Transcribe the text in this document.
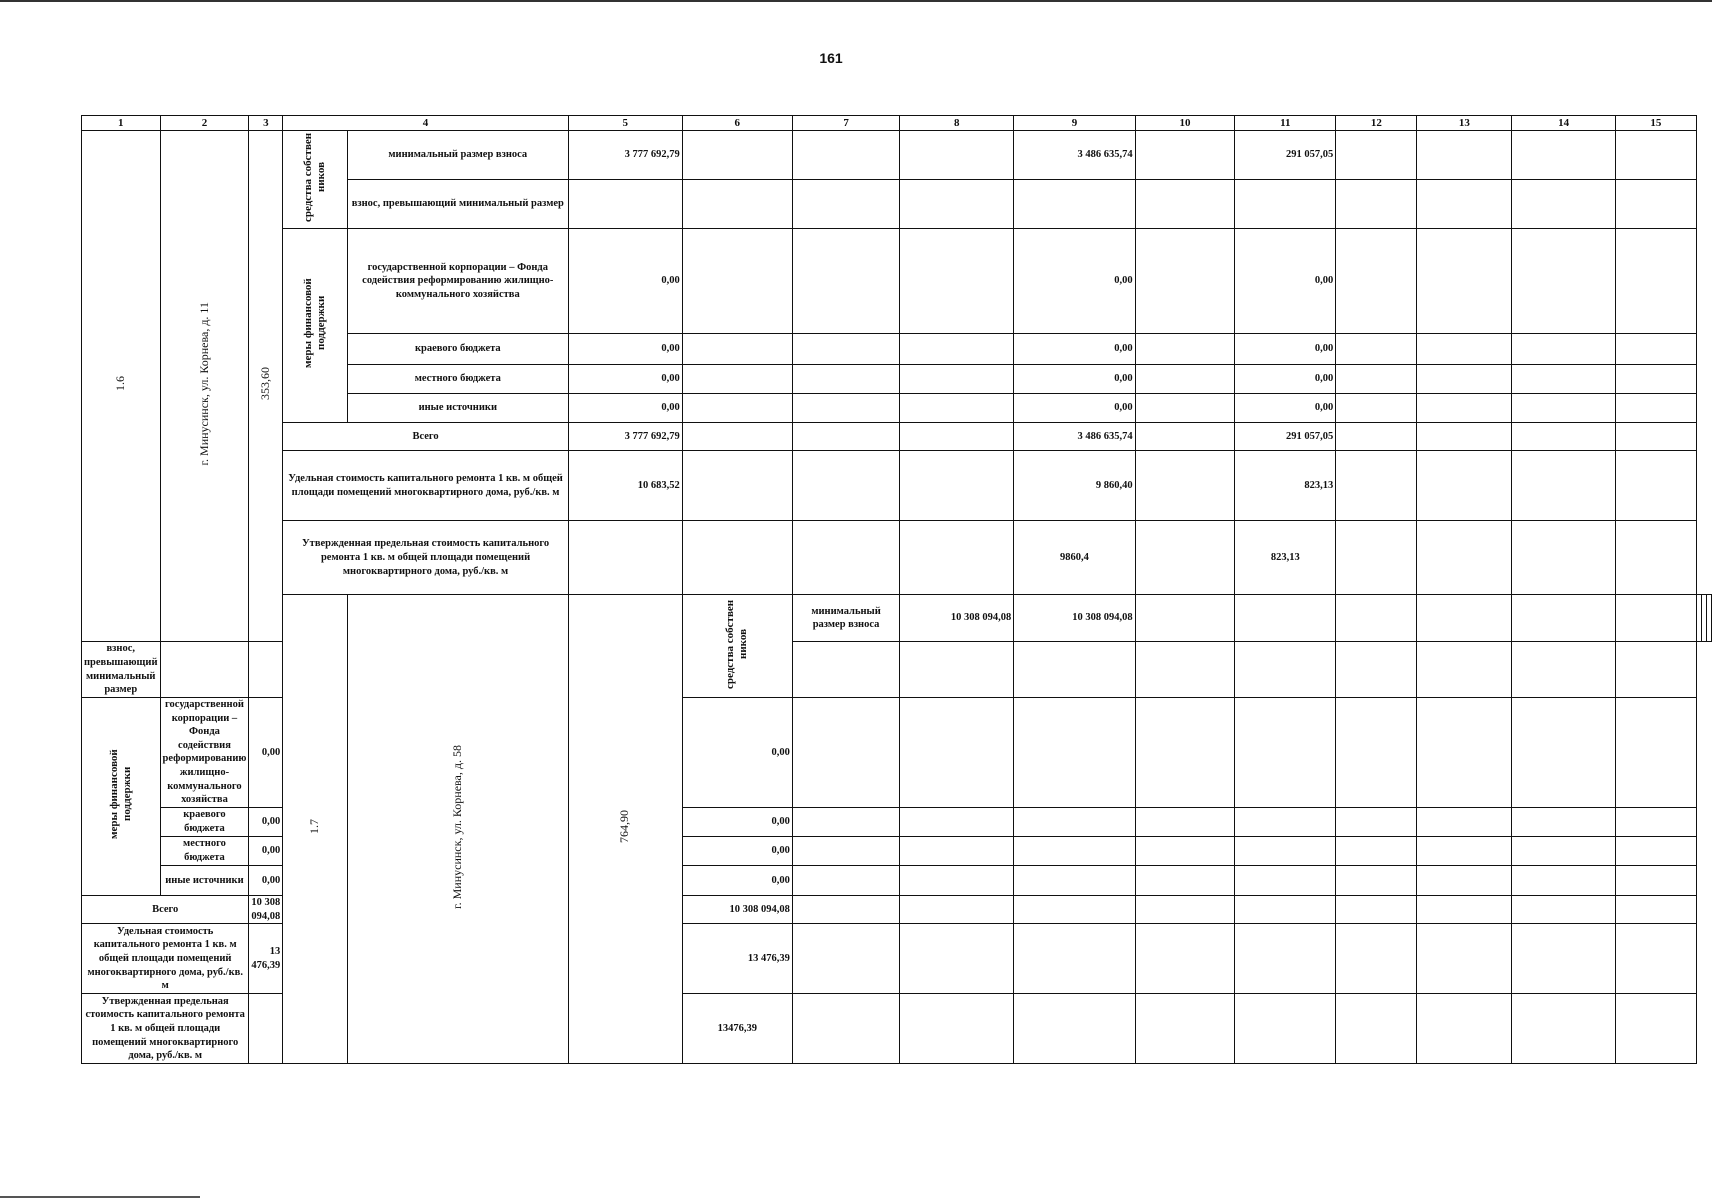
161
1	2	3	4		5	6	7	8	9	10	11	12	13	14	15			
1.6	г. Минусинск, ул. Корнева, д. 11	353,60	средства собствен ников	минимальный размер взноса	3 777 692,79				3 486 635,74		291 057,05							
				взнос, превышающий минимальный размер														
			меры финансовой поддержки	государственной корпорации – Фонда содействия реформированию жилищно-коммунального хозяйства	0,00				0,00		0,00							
				краевого бюджета	0,00				0,00		0,00							
				местного бюджета	0,00				0,00		0,00							
				иные источники	0,00				0,00		0,00							
			Всего		3 777 692,79				3 486 635,74		291 057,05							
			Удельная стоимость капитального ремонта 1 кв. м общей площади помещений многоквартирного дома, руб./кв. м		10 683,52				9 860,40		823,13							
			Утвержденная предельная стоимость капитального ремонта 1 кв. м общей площади помещений многоквартирного дома, руб./кв. м						9860,4		823,13							
			1.7	г. Минусинск, ул. Корнева, д. 58	764,90	средства собствен ников	минимальный размер взноса	10 308 094,08	10 308 094,08									
взнос, превышающий минимальный размер																		
меры финансовой поддержки	государственной корпорации – Фонда содействия реформированию жилищно-коммунального хозяйства	0,00				0,00												
	краевого бюджета	0,00				0,00												
	местного бюджета	0,00				0,00												
	иные источники	0,00				0,00												
Всего		10 308 094,08				10 308 094,08												
Удельная стоимость капитального ремонта 1 кв. м общей площади помещений многоквартирного дома, руб./кв. м		13 476,39				13 476,39												
Утвержденная предельная стоимость капитального ремонта 1 кв. м общей площади помещений многоквартирного дома, руб./кв. м						13476,39												
